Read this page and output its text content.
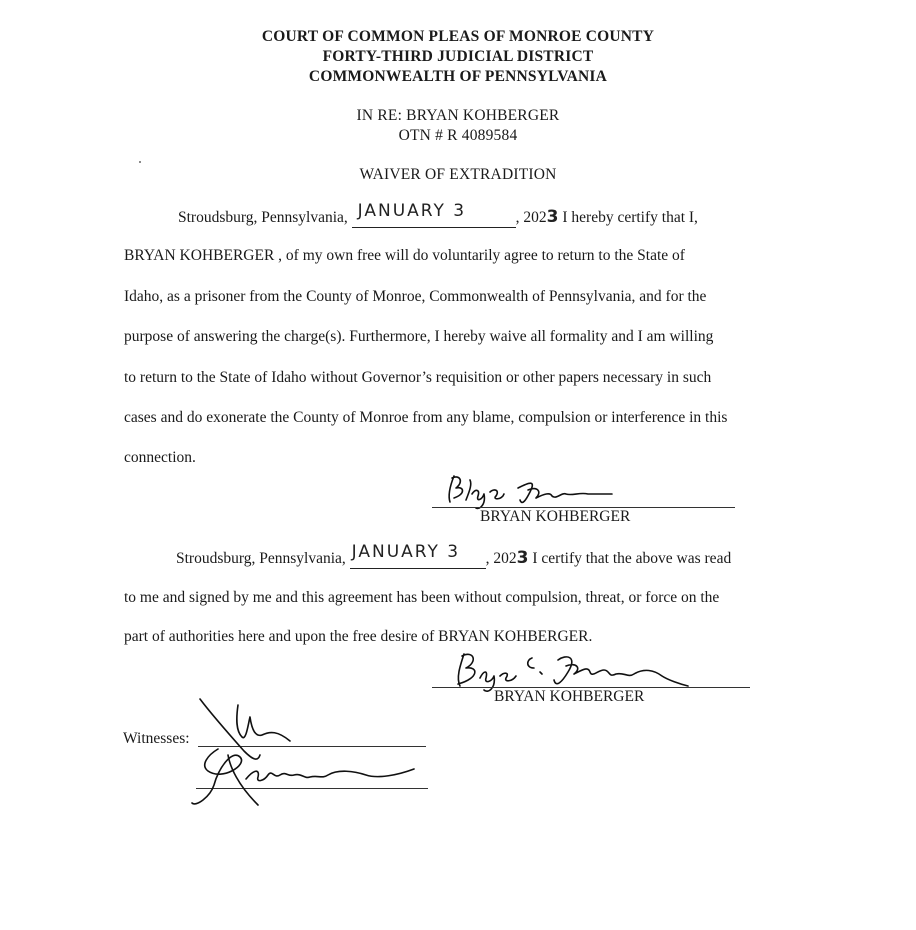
COURT OF COMMON PLEAS OF MONROE COUNTY
FORTY-THIRD JUDICIAL DISTRICT
COMMONWEALTH OF PENNSYLVANIA
IN RE: BRYAN KOHBERGER
OTN # R 4089584
WAIVER OF EXTRADITION
Stroudsburg, Pennsylvania, JANUARY 3	, 2023 I hereby certify that I,
BRYAN KOHBERGER , of my own free will do voluntarily agree to return to the State of
Idaho, as a prisoner from the County of Monroe, Commonwealth of Pennsylvania, and for the
purpose of answering the charge(s). Furthermore, I hereby waive all formality and I am willing
to return to the State of Idaho without Governor’s requisition or other papers necessary in such
cases and do exonerate the County of Monroe from any blame, compulsion or interference in this
connection.
BRYAN KOHBERGER
Stroudsburg, Pennsylvania, JANUARY 3 , 2023 I certify that the above was read
to me and signed by me and this agreement has been without compulsion, threat, or force on the
part of authorities here and upon the free desire of BRYAN KOHBERGER.
BRYAN KOHBERGER
Witnesses:
